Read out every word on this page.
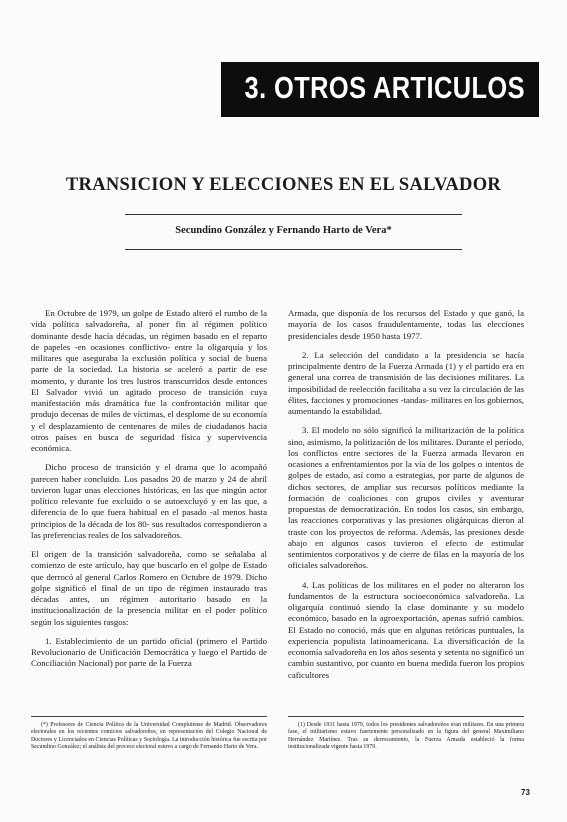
3. OTROS ARTICULOS
TRANSICION Y ELECCIONES EN EL SALVADOR
Secundino González y Fernando Harto de Vera*

En Octubre de 1979, un golpe de Estado alteró el rumbo de la vida política salvadoreña, al poner fin al régimen político dominante desde hacía décadas, un régimen basado en el reparto de papeles -en ocasiones conflictivo- entre la oligarquía y los militares que aseguraba la exclusión política y social de buena parte de la sociedad. La historia se aceleró a partir de ese momento, y durante los tres lustros transcurridos desde entonces El Salvador vivió un agitado proceso de transición cuya manifestación más dramática fue la confrontación militar que produjo decenas de miles de víctimas, el desplome de su economía y el desplazamiento de centenares de miles de ciudadanos hacia otros países en busca de seguridad física y supervivencia económica.

Dicho proceso de transición y el drama que lo acompañó parecen haber concluido. Los pasados 20 de marzo y 24 de abril tuvieron lugar unas elecciones históricas, en las que ningún actor político relevante fue excluido o se autoexcluyó y en las que, a diferencia de lo que fuera habitual en el pasado -al menos hasta principios de la década de los 80- sus resultados correspondieron a las preferencias reales de los salvadoreños.

El origen de la transición salvadoreña, como se señalaba al comienzo de este artículo, hay que buscarlo en el golpe de Estado que derrocó al general Carlos Romero en Octubre de 1979. Dicho golpe significó el final de un tipo de régimen instaurado tras décadas antes, un régimen autoritario basado en la institucionalización de la presencia militar en el poder político según los siguientes rasgos:

1. Establecimiento de un partido oficial (primero el Partido Revolucionario de Unificación Democrática y luego el Partido de Conciliación Nacional) por parte de la Fuerza

Armada, que disponía de los recursos del Estado y que ganó, la mayoría de los casos fraudulentamente, todas las elecciones presidenciales desde 1950 hasta 1977.

2. La selección del candidato a la presidencia se hacía principalmente dentro de la Fuerza Armada (1) y el partido era en general una correa de transmisión de las decisiones militares. La imposibilidad de reelección facilitaba a su vez la circulación de las élites, facciones y promociones -tandas- militares en los gobiernos, aumentando la estabilidad.

3. El modelo no sólo significó la militarización de la política sino, asimismo, la politización de los militares. Durante el período, los conflictos entre sectores de la Fuerza armada llevaron en ocasiones a enfrentamientos por la vía de los golpes o intentos de golpes de estado, así como a estrategias, por parte de algunos de dichos sectores, de ampliar sus recursos políticos mediante la formación de coaliciones con grupos civiles y aventurar propuestas de democratización. En todos los casos, sin embargo, las reacciones corporativas y las presiones oligárquicas dieron al traste con los proyectos de reforma. Además, las presiones desde abajo en algunos casos tuvieron el efecto de estimular sentimientos corporativos y de cierre de filas en la mayoría de los oficiales salvadoreños.

4. Las políticas de los militares en el poder no alteraron los fundamentos de la estructura socioeconómica salvadoreña. La oligarquía continuó siendo la clase dominante y su modelo económico, basado en la agroexportación, apenas sufrió cambios. El Estado no conoció, más que en algunas retóricas puntuales, la experiencia populista latinoamericana. La diversificación de la economía salvadoreña en los años sesenta y setenta no significó un cambio sustantivo, por cuanto en buena medida fueron los propios caficultores

(*) Profesores de Ciencia Política de la Universidad Complutense de Madrid. Observadores electorales en los recientes comicios salvadoreños, en representación del Colegio Nacional de Doctores y Licenciados en Ciencias Políticas y Sociología. La introducción histórica fue escrita por Secundino González; el análisis del proceso electoral estuvo a cargo de Fernando Harto de Vera.

(1) Desde 1931 hasta 1979, todos los presidentes salvadoreños eran militares. En una primera fase, el militarismo estuvo fuertemente personalizado en la figura del general Maximiliano Hernández Martínez. Tras su derrocamiento, la Fuerza Armada estableció la forma institucionalizada vigente hasta 1979.

73
